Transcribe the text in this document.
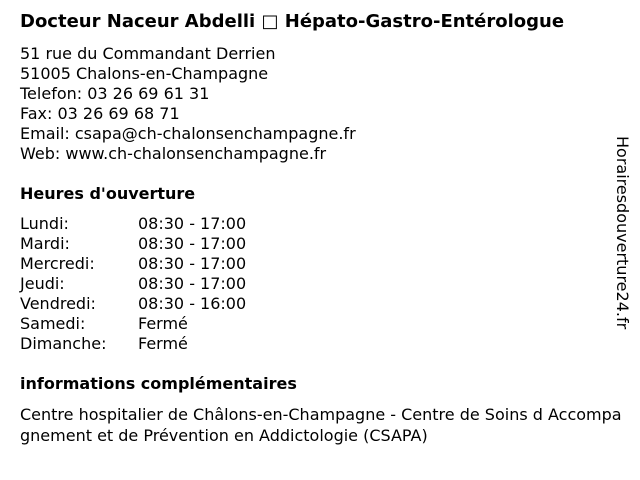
Docteur Naceur Abdelli □ Hépato-Gastro-Entérologue
51 rue du Commandant Derrien
51005 Chalons-en-Champagne
Telefon: 03 26 69 61 31
Fax: 03 26 69 68 71
Email: csapa@ch-chalonsenchampagne.fr
Web: www.ch-chalonsenchampagne.fr
Heures d'ouverture
Lundi:	08:30 - 17:00
Mardi:	08:30 - 17:00
Mercredi:	08:30 - 17:00
Jeudi:	08:30 - 17:00
Vendredi:	08:30 - 16:00
Samedi:	Fermé
Dimanche: Fermé
informations complémentaires
Centre hospitalier de Châlons-en-Champagne - Centre de Soins d Accompagnement et de Prévention en Addictologie (CSAPA)
Horairesdouverture24.fr
